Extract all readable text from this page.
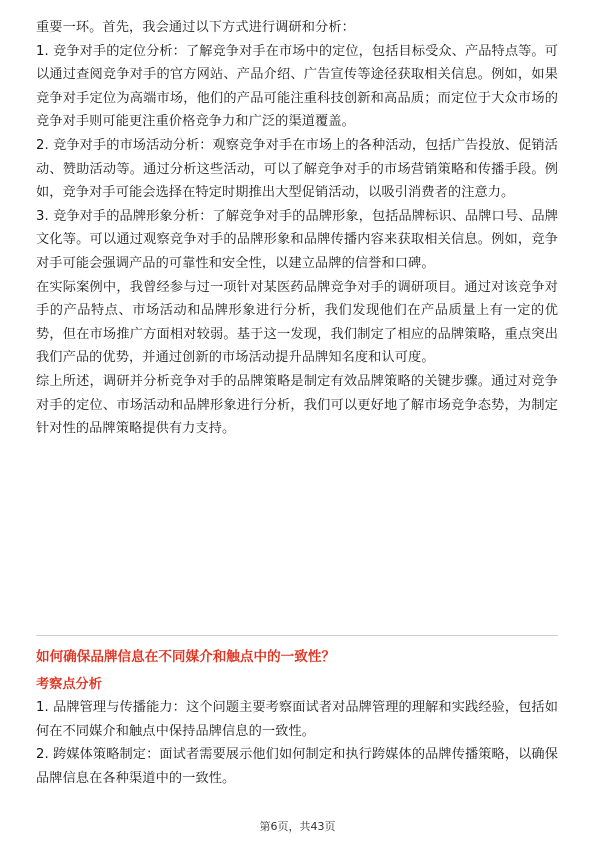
重要一环。首先，我会通过以下方式进行调研和分析：

1. 竞争对手的定位分析：了解竞争对手在市场中的定位，包括目标受众、产品特点等。可以通过查阅竞争对手的官方网站、产品介绍、广告宣传等途径获取相关信息。例如，如果竞争对手定位为高端市场，他们的产品可能注重科技创新和高品质；而定位于大众市场的竞争对手则可能更注重价格竞争力和广泛的渠道覆盖。

2. 竞争对手的市场活动分析：观察竞争对手在市场上的各种活动，包括广告投放、促销活动、赞助活动等。通过分析这些活动，可以了解竞争对手的市场营销策略和传播手段。例如，竞争对手可能会选择在特定时期推出大型促销活动，以吸引消费者的注意力。

3. 竞争对手的品牌形象分析：了解竞争对手的品牌形象，包括品牌标识、品牌口号、品牌文化等。可以通过观察竞争对手的品牌形象和品牌传播内容来获取相关信息。例如，竞争对手可能会强调产品的可靠性和安全性，以建立品牌的信誉和口碑。

在实际案例中，我曾经参与过一项针对某医药品牌竞争对手的调研项目。通过对该竞争对手的产品特点、市场活动和品牌形象进行分析，我们发现他们在产品质量上有一定的优势，但在市场推广方面相对较弱。基于这一发现，我们制定了相应的品牌策略，重点突出我们产品的优势，并通过创新的市场活动提升品牌知名度和认可度。

综上所述，调研并分析竞争对手的品牌策略是制定有效品牌策略的关键步骤。通过对竞争对手的定位、市场活动和品牌形象进行分析，我们可以更好地了解市场竞争态势，为制定针对性的品牌策略提供有力支持。

如何确保品牌信息在不同媒介和触点中的一致性？

考察点分析

1. 品牌管理与传播能力：这个问题主要考察面试者对品牌管理的理解和实践经验，包括如何在不同媒介和触点中保持品牌信息的一致性。

2. 跨媒体策略制定：面试者需要展示他们如何制定和执行跨媒体的品牌传播策略，以确保品牌信息在各种渠道中的一致性。

第6页，共43页
